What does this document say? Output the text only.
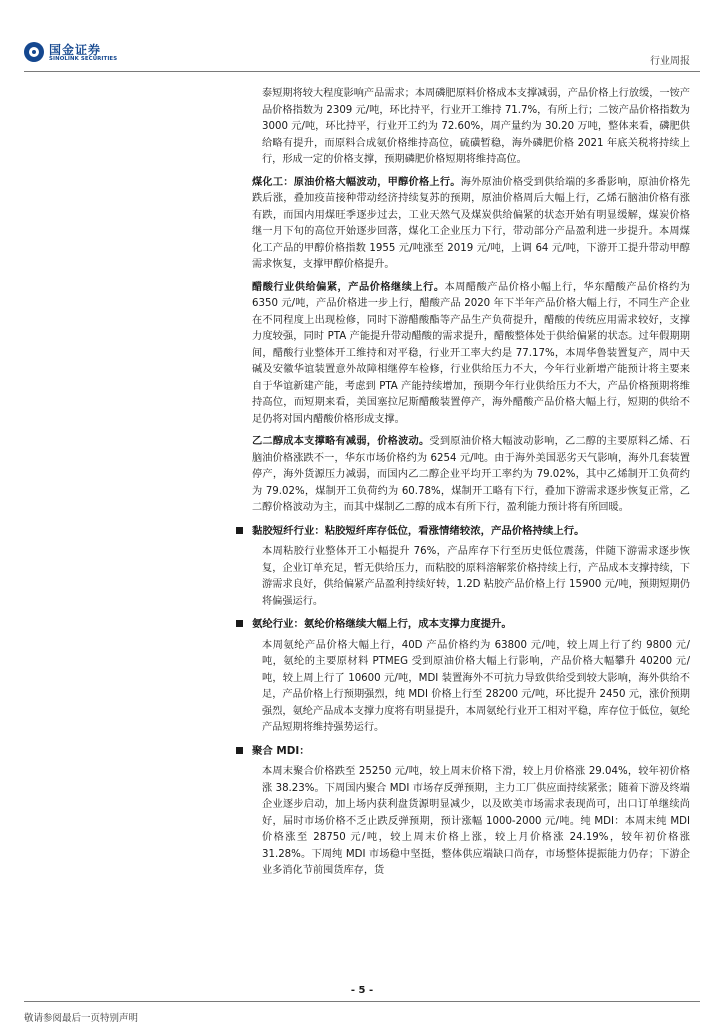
国金证券
SINOLINK SECURITIES	行业周报

泰短期将较大程度影响产品需求；本周磷肥原料价格成本支撑减弱，产品价格上行放缓，一铵产品价格指数为 2309 元/吨，环比持平，行业开工维持 71.7%，有所上行；二铵产品价格指数为 3000 元/吨，环比持平，行业开工约为 72.60%，周产量约为 30.20 万吨，整体来看，磷肥供给略有提升，而原料合成氨价格维持高位，硫磺暂稳，海外磷肥价格 2021 年底关税将持续上行，形成一定的价格支撑，预期磷肥价格短期将维持高位。

煤化工：原油价格大幅波动，甲醇价格上行。海外原油价格受到供给端的多番影响，原油价格先跌后涨，叠加疫苗接种带动经济持续复苏的预期，原油价格周后大幅上行，乙烯石脑油价格有涨有跌，而国内用煤旺季逐步过去，工业天然气及煤炭供给偏紧的状态开始有明显缓解，煤炭价格继一月下旬的高位开始逐步回落，煤化工企业压力下行，带动部分产品盈利进一步提升。本周煤化工产品的甲醇价格指数 1955 元/吨涨至 2019 元/吨，上调 64 元/吨，下游开工提升带动甲醇需求恢复，支撑甲醇价格提升。

醋酸行业供给偏紧，产品价格继续上行。本周醋酸产品价格小幅上行，华东醋酸产品价格约为 6350 元/吨，产品价格进一步上行，醋酸产品 2020 年下半年产品价格大幅上行，不同生产企业在不同程度上出现检修，同时下游醋酸酯等产品生产负荷提升，醋酸的传统应用需求较好，支撑力度较强，同时 PTA 产能提升带动醋酸的需求提升，醋酸整体处于供给偏紧的状态。过年假期期间，醋酸行业整体开工维持和对平稳，行业开工率大约是 77.17%，本周华鲁装置复产，周中天碱及安徽华谊装置意外故障相继停车检修，行业供给压力不大，今年行业新增产能预计将主要来自于华谊新建产能，考虑到 PTA 产能持续增加，预期今年行业供给压力不大，产品价格预期将维持高位，而短期来看，美国塞拉尼斯醋酸装置停产，海外醋酸产品价格大幅上行，短期的供给不足仍将对国内醋酸价格形成支撑。

乙二醇成本支撑略有减弱，价格波动。受到原油价格大幅波动影响，乙二醇的主要原料乙烯、石脑油价格涨跌不一，华东市场价格约为 6254 元/吨。由于海外美国恶劣天气影响，海外几套装置停产，海外货源压力减弱，而国内乙二醇企业平均开工率约为 79.02%，其中乙烯制开工负荷约为 79.02%，煤制开工负荷约为 60.78%，煤制开工略有下行，叠加下游需求逐步恢复正常，乙二醇价格波动为主，而其中煤制乙二醇的成本有所下行，盈利能力预计将有所回暖。

黏胶短纤行业：粘胶短纤库存低位，看涨情绪较浓，产品价格持续上行。

本周粘胶行业整体开工小幅提升 76%，产品库存下行至历史低位震荡，伴随下游需求逐步恢复，企业订单充足，暂无供给压力，而粘胶的原料溶解浆价格持续上行，产品成本支撑持续，下游需求良好，供给偏紧产品盈利持续好转，1.2D 粘胶产品价格上行 15900 元/吨，预期短期仍将偏强运行。

氨纶行业：氨纶价格继续大幅上行，成本支撑力度提升。

本周氨纶产品价格大幅上行，40D 产品价格约为 63800 元/吨，较上周上行了约 9800 元/吨，氨纶的主要原材料 PTMEG 受到原油价格大幅上行影响，产品价格大幅攀升 40200 元/吨，较上周上行了 10600 元/吨，MDI 装置海外不可抗力导致供给受到较大影响，海外供给不足，产品价格上行预期强烈，纯 MDI 价格上行至 28200 元/吨，环比提升 2450 元，涨价预期强烈，氨纶产品成本支撑力度将有明显提升，本周氨纶行业开工相对平稳，库存位于低位，氨纶产品短期将维持强势运行。

聚合 MDI：

本周末聚合价格跌至 25250 元/吨，较上周末价格下滑，较上月价格涨 29.04%，较年初价格涨 38.23%。下周国内聚合 MDI 市场存反弹预期，主力工厂供应面持续紧张；随着下游及终端企业逐步启动，加上场内获利盘货源明显减少，以及欧美市场需求表现尚可，出口订单继续尚好，届时市场价格不乏止跌反弹预期，预计涨幅 1000-2000 元/吨。纯 MDI：本周末纯 MDI 价格涨至 28750 元/吨，较上周末价格上涨，较上月价格涨 24.19%，较年初价格涨 31.28%。下周纯 MDI 市场稳中坚挺，整体供应端缺口尚存，市场整体提振能力仍存；下游企业多消化节前囤货库存，货

- 5 -
敬请参阅最后一页特别声明
